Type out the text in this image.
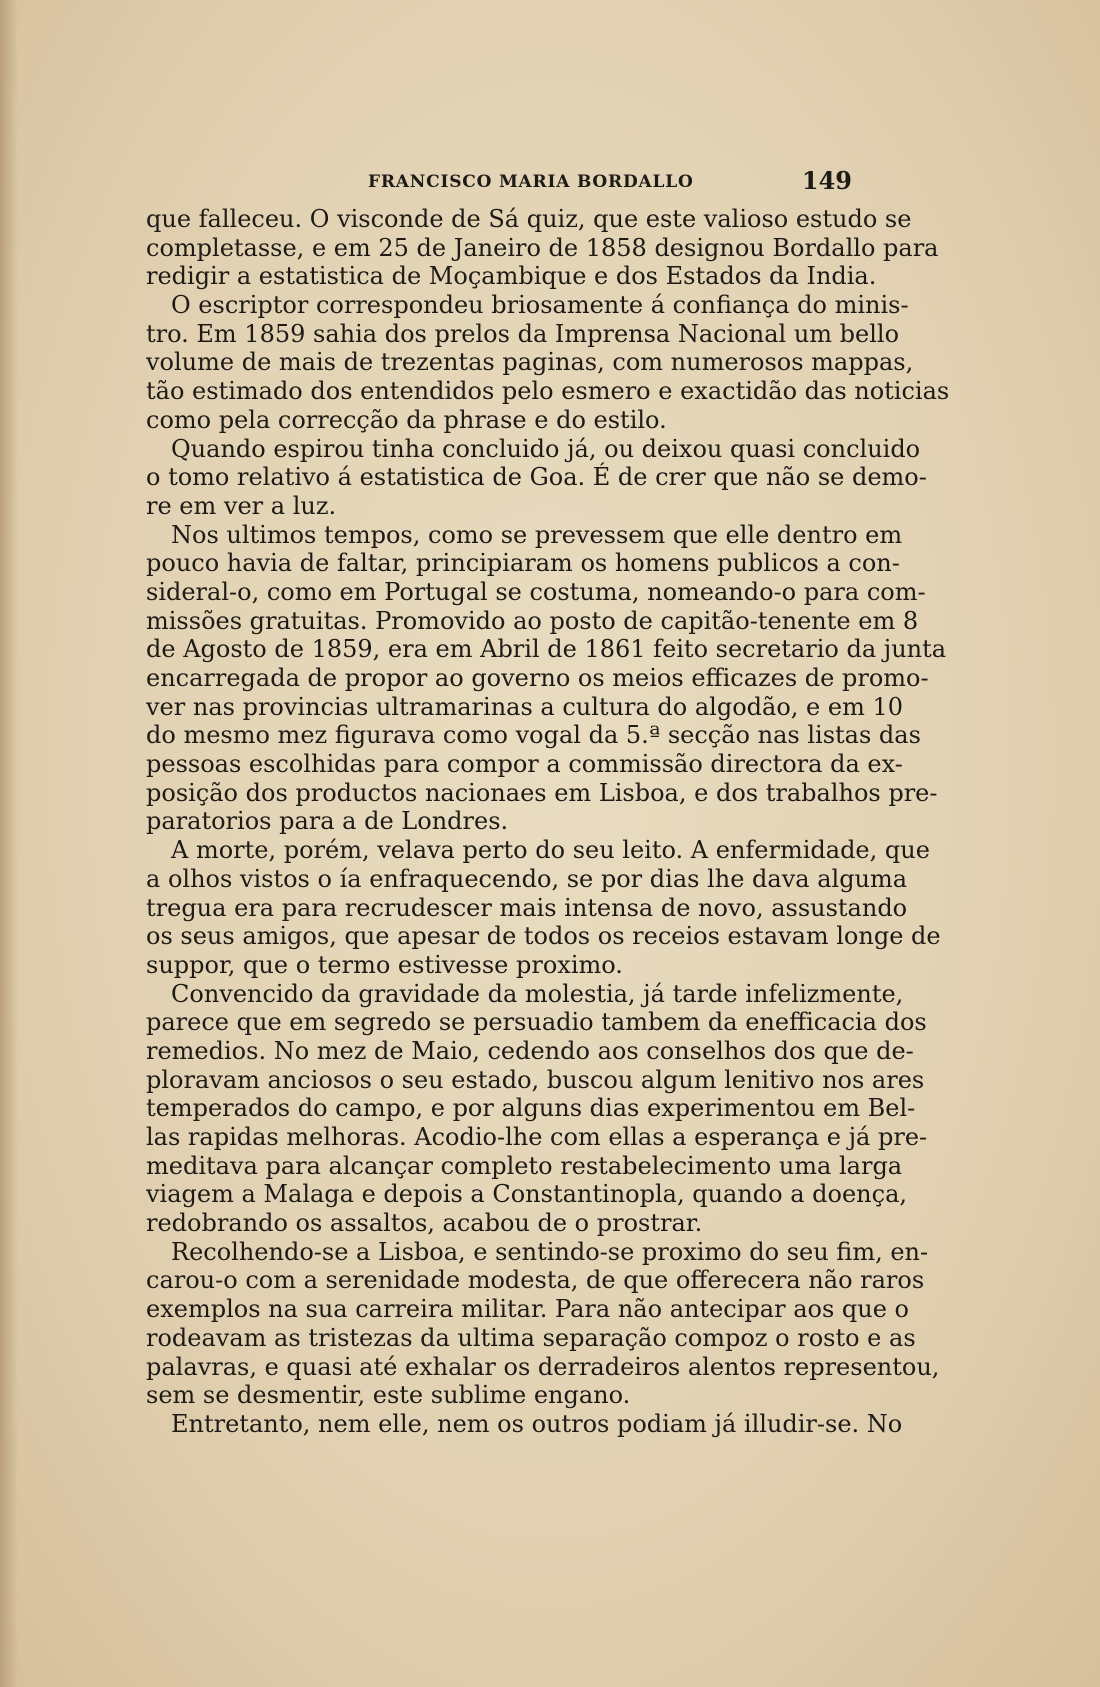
FRANCISCO MARIA BORDALLO	149
que falleceu. O visconde de Sá quiz, que este valioso estudo se
completasse, e em 25 de Janeiro de 1858 designou Bordallo para
redigir a estatistica de Moçambique e dos Estados da India.
O escriptor correspondeu briosamente á confiança do minis-
tro. Em 1859 sahia dos prelos da Imprensa Nacional um bello
volume de mais de trezentas paginas, com numerosos mappas,
tão estimado dos entendidos pelo esmero e exactidão das noticias
como pela correcção da phrase e do estilo.
Quando espirou tinha concluido já, ou deixou quasi concluido
o tomo relativo á estatistica de Goa. É de crer que não se demo-
re em ver a luz.
Nos ultimos tempos, como se prevessem que elle dentro em
pouco havia de faltar, principiaram os homens publicos a con-
sideral-o, como em Portugal se costuma, nomeando-o para com-
missões gratuitas. Promovido ao posto de capitão-tenente em 8
de Agosto de 1859, era em Abril de 1861 feito secretario da junta
encarregada de propor ao governo os meios efficazes de promo-
ver nas provincias ultramarinas a cultura do algodão, e em 10
do mesmo mez figurava como vogal da 5.ª secção nas listas das
pessoas escolhidas para compor a commissão directora da ex-
posição dos productos nacionaes em Lisboa, e dos trabalhos pre-
paratorios para a de Londres.
A morte, porém, velava perto do seu leito. A enfermidade, que
a olhos vistos o ía enfraquecendo, se por dias lhe dava alguma
tregua era para recrudescer mais intensa de novo, assustando
os seus amigos, que apesar de todos os receios estavam longe de
suppor, que o termo estivesse proximo.
Convencido da gravidade da molestia, já tarde infelizmente,
parece que em segredo se persuadio tambem da enefficacia dos
remedios. No mez de Maio, cedendo aos conselhos dos que de-
ploravam anciosos o seu estado, buscou algum lenitivo nos ares
temperados do campo, e por alguns dias experimentou em Bel-
las rapidas melhoras. Acodio-lhe com ellas a esperança e já pre-
meditava para alcançar completo restabelecimento uma larga
viagem a Malaga e depois a Constantinopla, quando a doença,
redobrando os assaltos, acabou de o prostrar.
Recolhendo-se a Lisboa, e sentindo-se proximo do seu fim, en-
carou-o com a serenidade modesta, de que offerecera não raros
exemplos na sua carreira militar. Para não antecipar aos que o
rodeavam as tristezas da ultima separação compoz o rosto e as
palavras, e quasi até exhalar os derradeiros alentos representou,
sem se desmentir, este sublime engano.
Entretanto, nem elle, nem os outros podiam já illudir-se. No
